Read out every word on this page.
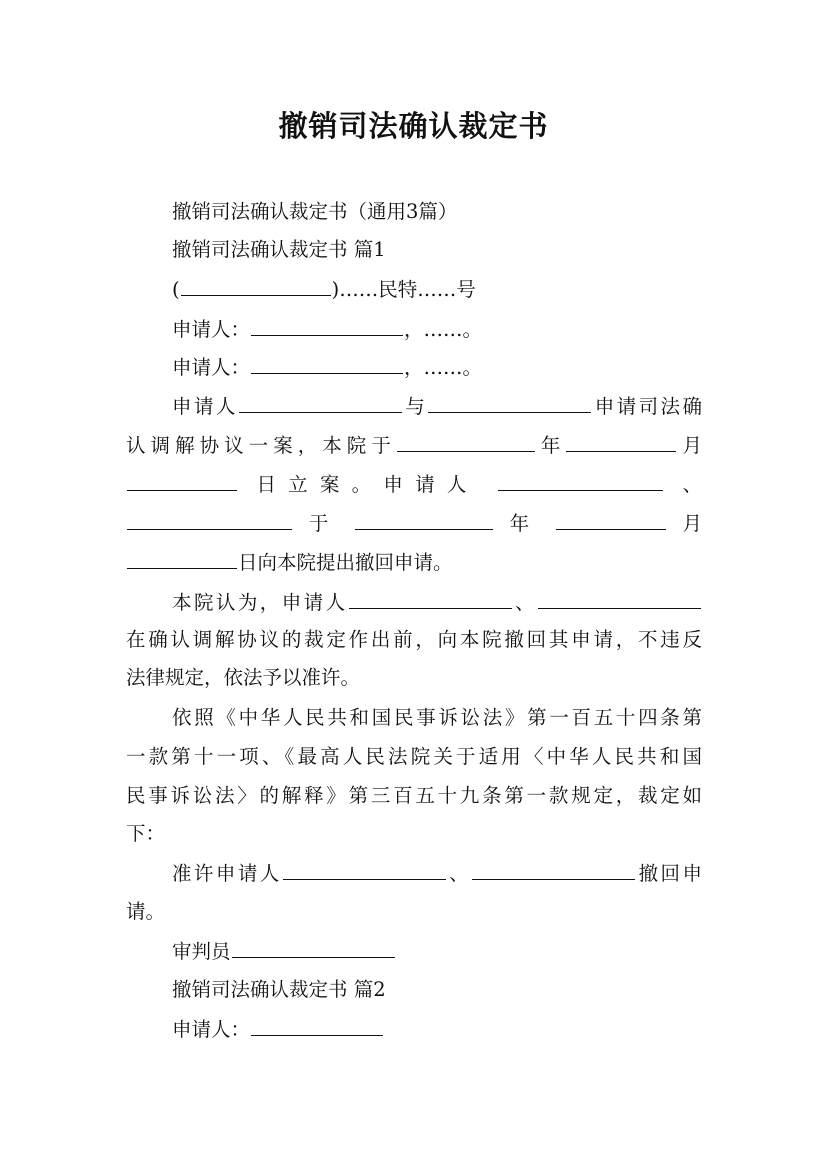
撤销司法确认裁定书
撤销司法确认裁定书（通用3篇）
撤销司法确认裁定书 篇1
(	)……民特……号
申请人：	，……。
申请人：	，……。
申请人	与	申请司法确
认调解协议一案，本院于	年	月
日立案。申请人	、
于	年	月
日向本院提出撤回申请。
本院认为，申请人	、
在确认调解协议的裁定作出前，向本院撤回其申请，不违反
法律规定，依法予以准许。
依照《中华人民共和国民事诉讼法》第一百五十四条第
一款第十一项、《最高人民法院关于适用〈中华人民共和国
民事诉讼法〉的解释》第三百五十九条第一款规定，裁定如
下：
准许申请人	、	撤回申
请。
审判员
撤销司法确认裁定书 篇2
申请人：
